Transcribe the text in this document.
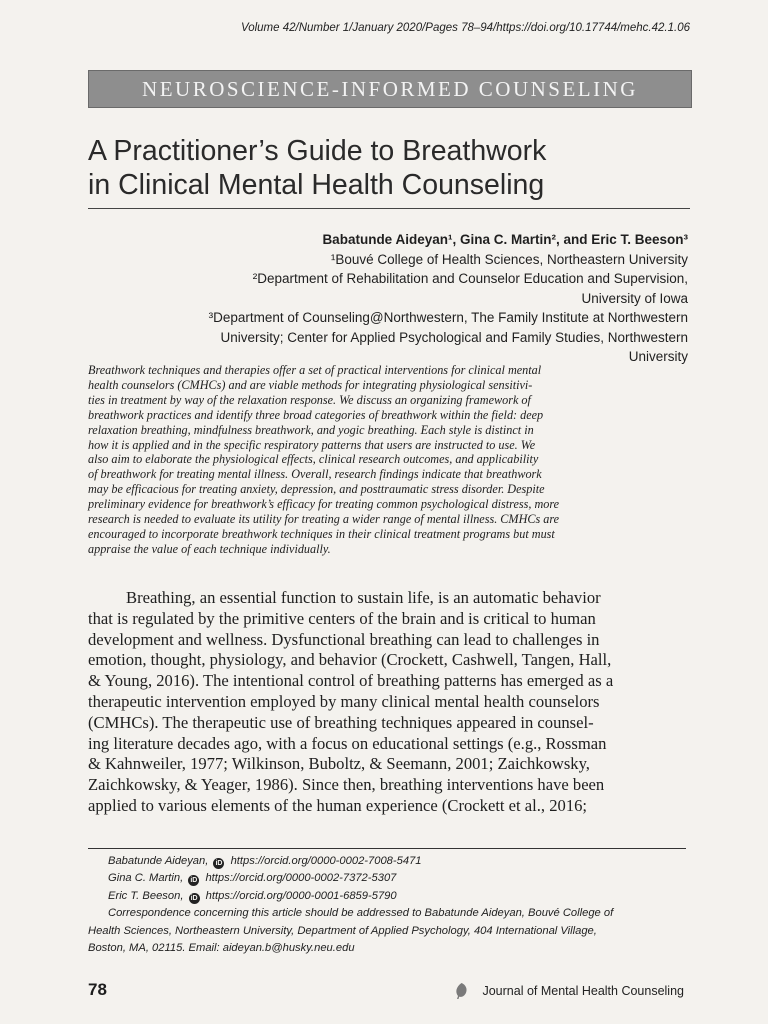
Volume 42/Number 1/January 2020/Pages 78–94/https://doi.org/10.17744/mehc.42.1.06
NEUROSCIENCE-INFORMED COUNSELING
A Practitioner’s Guide to Breathwork
in Clinical Mental Health Counseling
Babatunde Aideyan¹, Gina C. Martin², and Eric T. Beeson³
¹Bouvé College of Health Sciences, Northeastern University
²Department of Rehabilitation and Counselor Education and Supervision,
University of Iowa
³Department of Counseling@Northwestern, The Family Institute at Northwestern
University; Center for Applied Psychological and Family Studies, Northwestern
University
Breathwork techniques and therapies offer a set of practical interventions for clinical mental
health counselors (CMHCs) and are viable methods for integrating physiological sensitivi-
ties in treatment by way of the relaxation response. We discuss an organizing framework of
breathwork practices and identify three broad categories of breathwork within the field: deep
relaxation breathing, mindfulness breathwork, and yogic breathing. Each style is distinct in
how it is applied and in the specific respiratory patterns that users are instructed to use. We
also aim to elaborate the physiological effects, clinical research outcomes, and applicability
of breathwork for treating mental illness. Overall, research findings indicate that breathwork
may be efficacious for treating anxiety, depression, and posttraumatic stress disorder. Despite
preliminary evidence for breathwork’s efficacy for treating common psychological distress, more
research is needed to evaluate its utility for treating a wider range of mental illness. CMHCs are
encouraged to incorporate breathwork techniques in their clinical treatment programs but must
appraise the value of each technique individually.
Breathing, an essential function to sustain life, is an automatic behavior
that is regulated by the primitive centers of the brain and is critical to human
development and wellness. Dysfunctional breathing can lead to challenges in
emotion, thought, physiology, and behavior (Crockett, Cashwell, Tangen, Hall,
& Young, 2016). The intentional control of breathing patterns has emerged as a
therapeutic intervention employed by many clinical mental health counselors
(CMHCs). The therapeutic use of breathing techniques appeared in counsel-
ing literature decades ago, with a focus on educational settings (e.g., Rossman
& Kahnweiler, 1977; Wilkinson, Buboltz, & Seemann, 2001; Zaichkowsky,
Zaichkowsky, & Yeager, 1986). Since then, breathing interventions have been
applied to various elements of the human experience (Crockett et al., 2016;
Babatunde Aideyan, iD https://orcid.org/0000-0002-7008-5471
Gina C. Martin, iD https://orcid.org/0000-0002-7372-5307
Eric T. Beeson, iD https://orcid.org/0000-0001-6859-5790
Correspondence concerning this article should be addressed to Babatunde Aideyan, Bouvé College of
Health Sciences, Northeastern University, Department of Applied Psychology, 404 International Village,
Boston, MA, 02115. Email: aideyan.b@husky.neu.edu
78	Journal of Mental Health Counseling
